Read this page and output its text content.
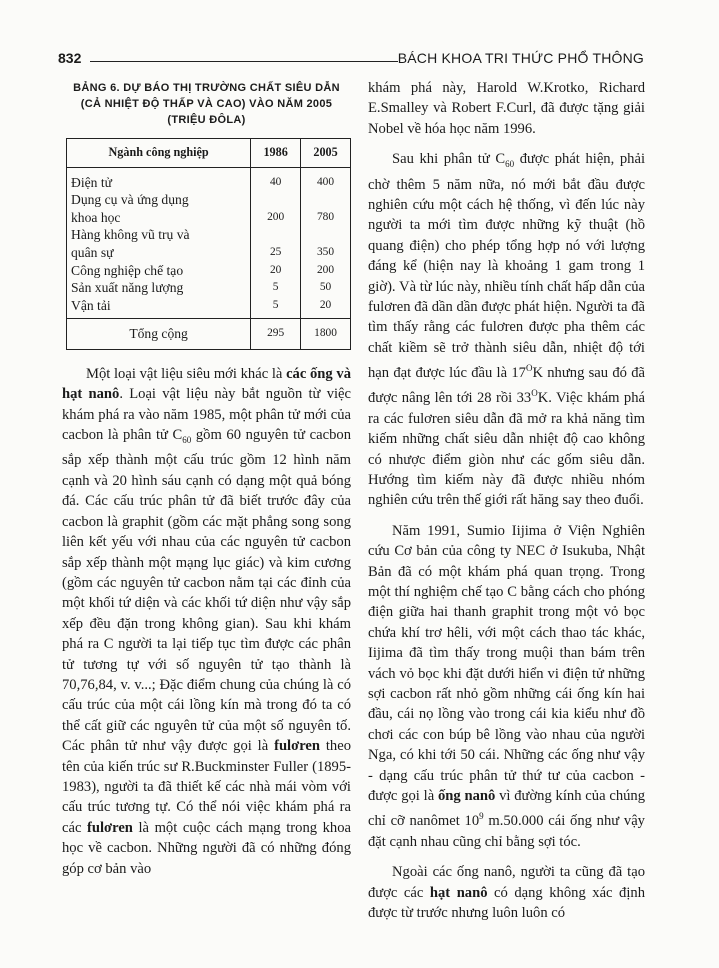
832	BÁCH KHOA TRI THỨC PHỔ THÔNG
BẢNG 6. DỰ BÁO THỊ TRƯỜNG CHẤT SIÊU DẪN
(CẢ NHIỆT ĐỘ THẤP VÀ CAO) VÀO NĂM 2005
(TRIỆU ĐÔLA)
Ngành công nghiệp	1986	2005
Điện tử	40	400
Dụng cụ và ứng dụng		
khoa học	200	780
Hàng không vũ trụ và		
quân sự	25	350
Công nghiệp chế tạo	20	200
Sản xuất năng lượng	5	50
Vận tải	5	20
Tổng cộng	295	1800

Một loại vật liệu siêu mới khác là các ống và hạt nanô. Loại vật liệu này bắt nguồn từ việc khám phá ra vào năm 1985, một phân tử mới của cacbon là phân tử $C_{60}$ gồm 60 nguyên tử cacbon sắp xếp thành một cấu trúc gồm 12 hình năm cạnh và 20 hình sáu cạnh có dạng một quả bóng đá. Các cấu trúc phân tử đã biết trước đây của cacbon là graphit (gồm các mặt phẳng song song liên kết yếu với nhau của các nguyên tử cacbon sắp xếp thành một mạng lục giác) và kim cương (gồm các nguyên tử cacbon nằm tại các đỉnh của một khối tứ diện và các khối tứ diện như vậy sắp xếp đều đặn trong không gian). Sau khi khám phá ra C người ta lại tiếp tục tìm được các phân tử tương tự với số nguyên tử tạo thành là 70,76,84, v. v...; Đặc điểm chung của chúng là có cấu trúc của một cái lồng kín mà trong đó ta có thể cất giữ các nguyên tử của một số nguyên tố. Các phân tử như vậy được gọi là fulơren theo tên của kiến trúc sư R.Buckminster Fuller (1895-1983), người ta đã thiết kế các nhà mái vòm với cấu trúc tương tự. Có thể nói việc khám phá ra các fulơren là một cuộc cách mạng trong khoa học về cacbon. Những người đã có những đóng góp cơ bản vào

khám phá này, Harold W.Krotko, Richard E.Smalley và Robert F.Curl, đã được tặng giải Nobel về hóa học năm 1996.

Sau khi phân tử $C_{60}$ được phát hiện, phải chờ thêm 5 năm nữa, nó mới bắt đầu được nghiên cứu một cách hệ thống, vì đến lúc này người ta mới tìm được những kỹ thuật (hồ quang điện) cho phép tổng hợp nó với lượng đáng kể (hiện nay là khoảng 1 gam trong 1 giờ). Và từ lúc này, nhiều tính chất hấp dẫn của fulơren đã dần dần được phát hiện. Người ta đã tìm thấy rằng các fulơren được pha thêm các chất kiềm sẽ trở thành siêu dẫn, nhiệt độ tới hạn đạt được lúc đầu là $17^OK$ nhưng sau đó đã được nâng lên tới 28 rồi $33^OK$. Việc khám phá ra các fulơren siêu dẫn đã mở ra khả năng tìm kiếm những chất siêu dẫn nhiệt độ cao không có nhược điểm giòn như các gốm siêu dẫn. Hướng tìm kiếm này đã được nhiều nhóm nghiên cứu trên thế giới rất hăng say theo đuổi.

Năm 1991, Sumio Iijima ở Viện Nghiên cứu Cơ bản của công ty NEC ở Isukuba, Nhật Bản đã có một khám phá quan trọng. Trong một thí nghiệm chế tạo C bằng cách cho phóng điện giữa hai thanh graphit trong một vỏ bọc chứa khí trơ hêli, với một cách thao tác khác, Iijima đã tìm thấy trong muội than bám trên vách vỏ bọc khi đặt dưới hiển vi điện tử những sợi cacbon rất nhỏ gồm những cái ống kín hai đầu, cái nọ lồng vào trong cái kia kiểu như đồ chơi các con búp bê lồng vào nhau của người Nga, có khi tới 50 cái. Những các ống như vậy - dạng cấu trúc phân tử thứ tư của cacbon - được gọi là ống nanô vì đường kính của chúng chỉ cỡ nanômet $10^9$ m.50.000 cái ống như vậy đặt cạnh nhau cũng chỉ bằng sợi tóc.

Ngoài các ống nanô, người ta cũng đã tạo được các hạt nanô có dạng không xác định được từ trước nhưng luôn luôn có
